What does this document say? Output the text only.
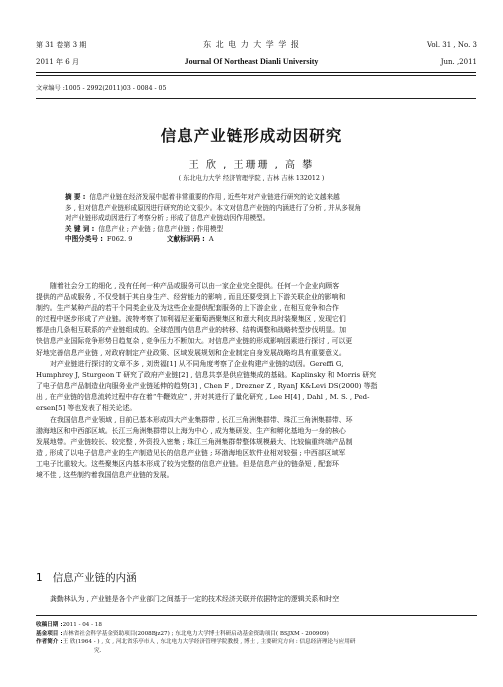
第 31 卷第 3 期	东 北 电 力 大 学 学 报	Vol. 31 , No. 3
2011 年 6 月	Journal Of Northeast Dianli University	Jun. ,2011
文章编号 :1005 - 2992(2011)03 - 0084 - 05
信息产业链形成动因研究
王 欣 , 王珊珊 , 高 攀
( 东北电力大学 经济管理学院 , 吉林 吉林 132012 )
摘 要 : 信息产业链在经济发展中起着非常重要的作用 , 近些年对产业链进行研究的论文越来越
多 , 但对信息产业链形成原因进行研究的论文很少。本文对信息产业链的内涵进行了分析 , 并从多视角
对产业链形成动因进行了考察分析 ; 形成了信息产业链动因作用模型。
关 键 词 : 信息产业 ; 产业链 ; 信息产业链 ; 作用模型
中图分类号 : F062. 9	文献标识码 : A
随着社会分工的细化 , 没有任何一种产品或服务可以由一家企业完全提供。任何一个企业向顾客
提供的产品或服务 , 不仅受制于其自身生产、经营能力的影响 , 而且还要受到上下游关联企业的影响和
制约。生产某种产品的若干个同类企业及为这些企业提供配套服务的上下游企业 , 在相互竞争和合作
的过程中逐步形成了产业链。波特考察了加利福尼亚葡萄酒聚集区和意大利皮具时装聚集区 , 发现它们
都是由几条相互联系的产业链组成的。全球范围内信息产业的转移、结构调整和战略转型步伐明显。加
快信息产业国际竞争形势日趋复杂 , 竞争压力不断加大。对信息产业链的形成影响因素进行探讨 , 可以更
好地完善信息产业链 , 对政府制定产业政策、区域发展规划和企业制定自身发展战略均具有重要意义。
对产业链进行探讨的文章不多 , 刘贵福[1] 从不同角度考察了企业构建产业链的动因。Gereffi G,
Humphrey J, Sturgeon T 研究了政府产业链[2] , 信息共享是供应链集成的基础。Kaplinsky 和 Morris 研究
了电子信息产品制造业向服务业产业链延伸的趋势[3] , Chen F , Drezner Z , RyanJ K&Levi DS(2000) 等指
出 , 在产业链的信息流转过程中存在着“牛鞭效应” , 并对其进行了量化研究 , Lee H[4] , Dahl , M. S. , Ped-
ersen[5] 等也发表了相关论述。
在我国信息产业领域 , 目前已基本形成四大产业集群带 , 长江三角洲集群带、珠江三角洲集群带、环
渤海地区和中西部区域。长江三角洲集群带以上海为中心 , 成为集研发、生产和孵化基地为一身的核心
发展地带。产业链较长、较完整 , 外资投入密集 ; 珠江三角洲集群带整体规模最大、比较偏重终端产品制
造 , 形成了以电子信息产业的生产制造见长的信息产业链 ; 环渤海地区软件业相对较强 ; 中西部区域军
工电子比重较大。这些聚集区内基本形成了较为完整的信息产业链。但是信息产业的链条短 , 配套环
境不佳 , 这些制约着我国信息产业链的发展。
1 信息产业链的内涵
龚勤林认为 , 产业链是各个产业部门之间基于一定的技术经济关联并依据特定的逻辑关系和时空
收稿日期 :2011 - 04 - 18
基金项目 :吉林省社会科学基金资助项目(2008Bjz27) ; 东北电力大学博士科研启动基金资助项目( BSJXM - 200909)
作者简介 :王 欣(1964 - ) , 女 , 河北省乐亭市人 , 东北电力大学经济管理学院教授 , 博士 , 主要研究方向 : 信息经济理论与应用研
究.
